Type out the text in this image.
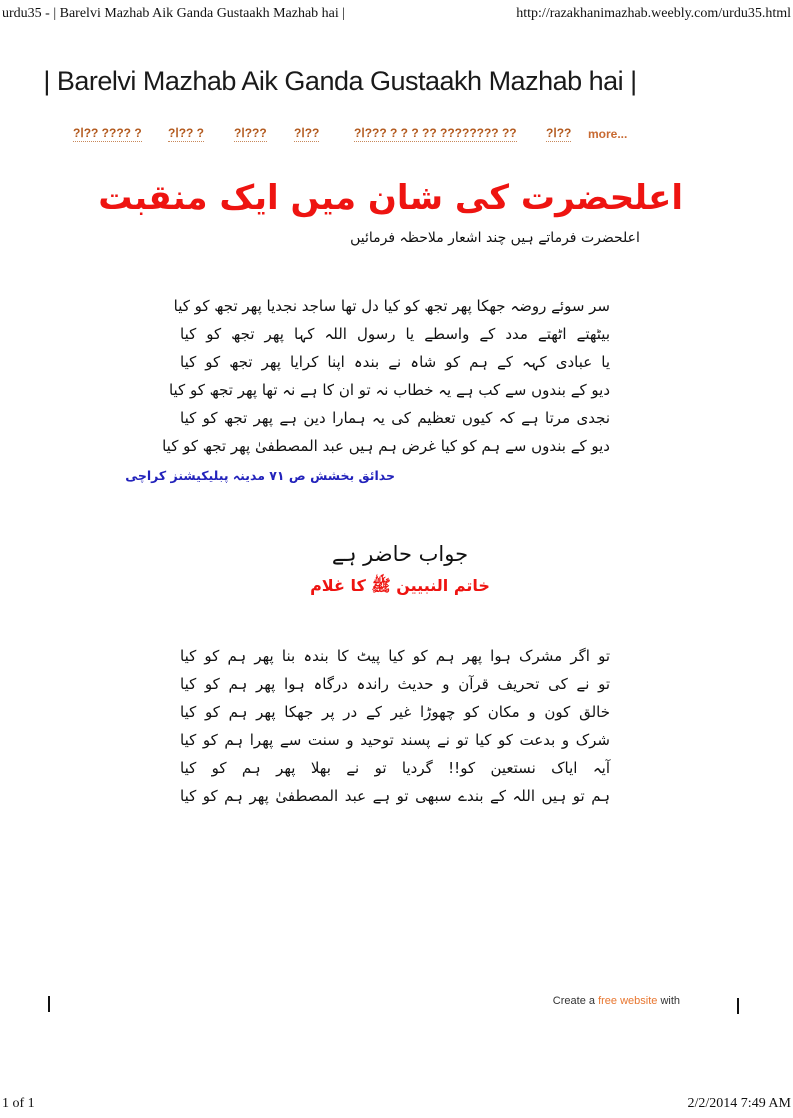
urdu35 - | Barelvi Mazhab Aik Ganda Gustaakh Mazhab hai |	http://razakhanimazhab.weebly.com/urdu35.html
| Barelvi Mazhab Aik Ganda Gustaakh Mazhab hai |
?ا?? ???? ? ?ا?? ? ?ا??? ?ا??	?ا??? ? ? ? ?? ???????? ?? ?ا?? more...
اعلحضرت کی شان میں ایک منقبت
اعلحضرت فرماتے ہیں چند اشعار ملاحظہ فرمائیں
سر سوئے روضہ جھکا پھر تجھ کو کیا دل تھا ساجد نجدیا پھر تجھ کو کیا
بیٹھتے اٹھتے مدد کے واسطے یا رسول اللہ کہا پھر تجھ کو کیا
یا عبادی کہہ کے ہم کو شاہ نے بندہ اپنا کرایا پھر تجھ کو کیا
دیو کے بندوں سے کب ہے یہ خطاب نہ تو ان کا ہے نہ تھا پھر تجھ کو کیا
نجدی مرتا ہے کہ کیوں تعظیم کی یہ ہمارا دین ہے پھر تجھ کو کیا
دیو کے بندوں سے ہم کو کیا غرض ہم ہیں عبد المصطفیٰ پھر تجھ کو کیا
حدائق بخشش ص ۷۱ مدینہ پبلیکیشنز کراچی
جواب حاضر ہے
خاتم النبیین ﷺ کا غلام
تو اگر مشرک ہوا پھر ہم کو کیا پیٹ کا بندہ بنا پھر ہم کو کیا
تو نے کی تحریف قرآن و حدیث راندہ درگاہ ہوا پھر ہم کو کیا
خالق کون و مکان کو چھوڑا غیر کے در پر جھکا پھر ہم کو کیا
شرک و بدعت کو کیا تو نے پسند توحید و سنت سے پھرا ہم کو کیا
آیہ ایاک نستعین کو!! گردیا تو نے بھلا پھر ہم کو کیا
ہم تو ہیں اللہ کے بندے سبھی تو ہے عبد المصطفیٰ پھر ہم کو کیا
Create a free website with
1 of 1	2/2/2014 7:49 AM
